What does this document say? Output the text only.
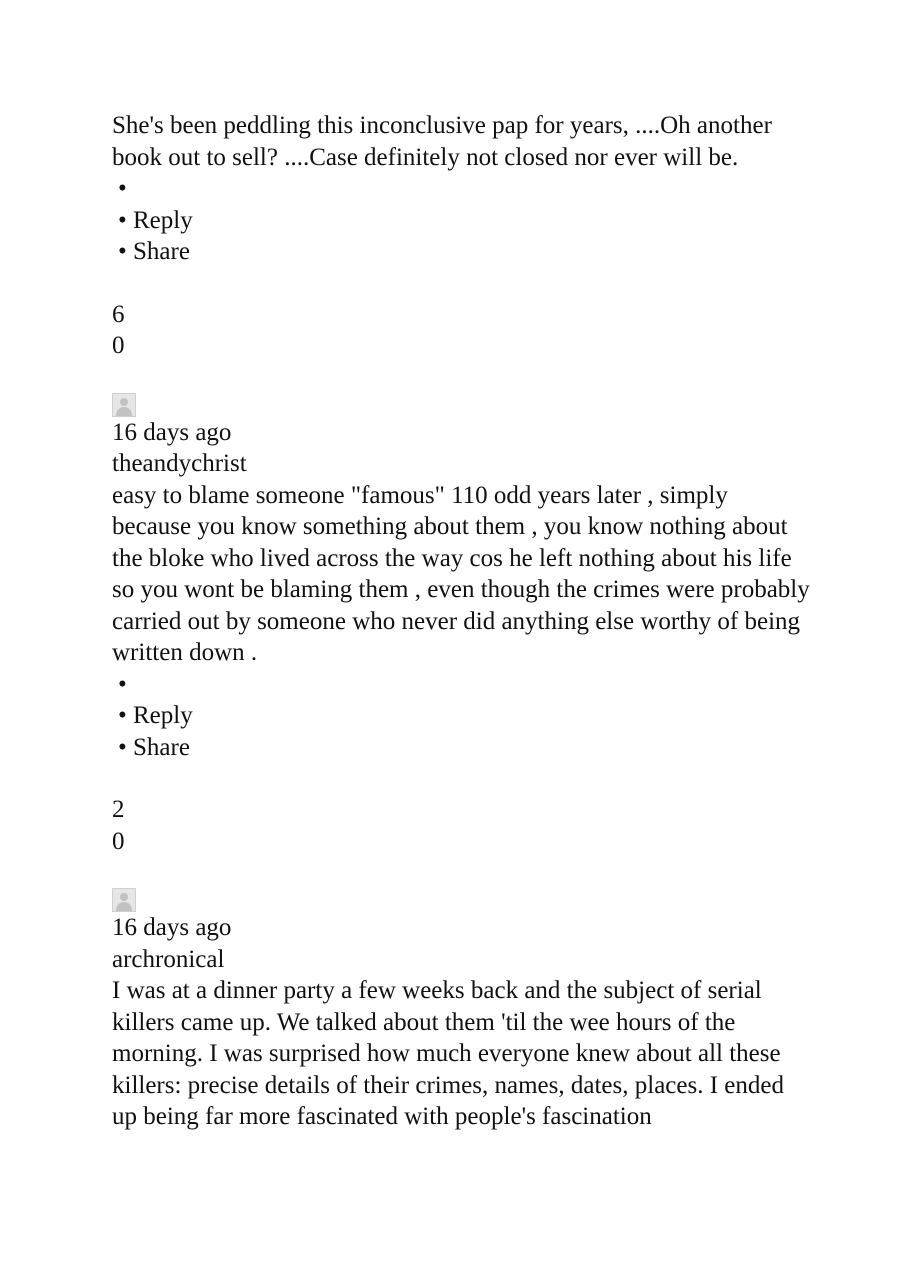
She's been peddling this inconclusive pap for years, ....Oh another book out to sell? ....Case definitely not closed nor ever will be.

•
• Reply
• Share
6
0
16 days ago
theandychrist

easy to blame someone "famous" 110 odd years later , simply because you know something about them , you know nothing about the bloke who lived across the way cos he left nothing about his life so you wont be blaming them , even though the crimes were probably carried out by someone who never did anything else worthy of being written down .

•
• Reply
• Share
2
0
16 days ago
archronical

I was at a dinner party a few weeks back and the subject of serial killers came up. We talked about them 'til the wee hours of the morning. I was surprised how much everyone knew about all these killers: precise details of their crimes, names, dates, places. I ended up being far more fascinated with people's fascination
